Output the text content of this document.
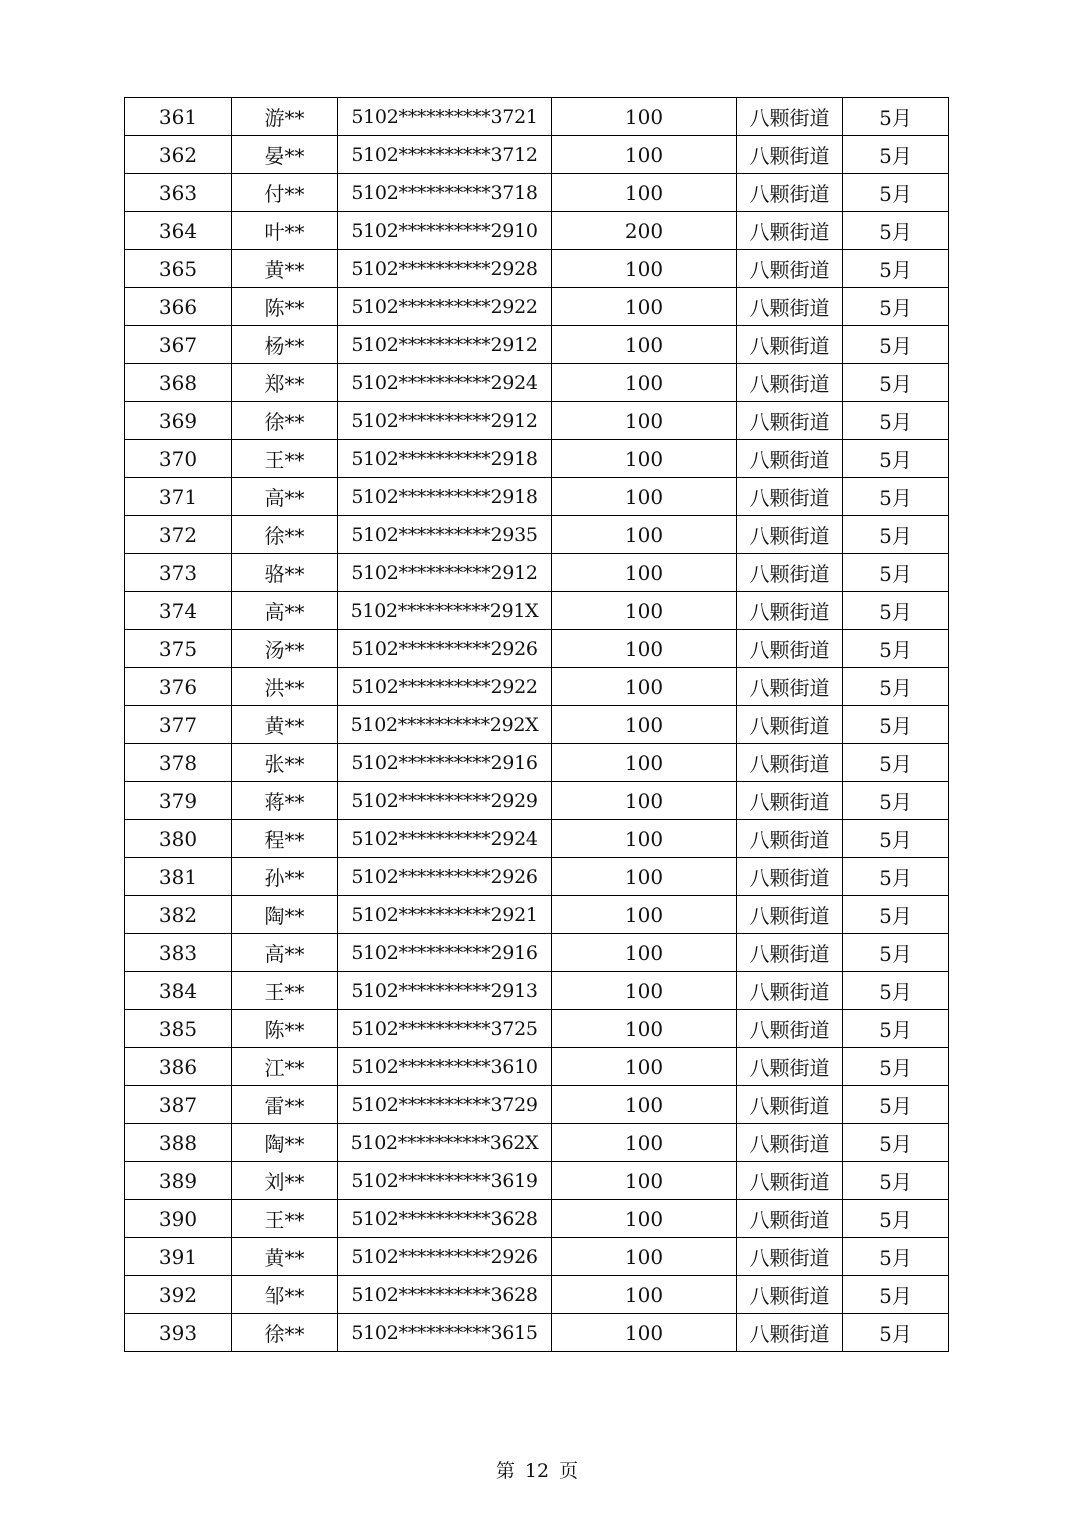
361	游**	5102**********3721	100	八颗街道	5月
362	晏**	5102**********3712	100	八颗街道	5月
363	付**	5102**********3718	100	八颗街道	5月
364	叶**	5102**********2910	200	八颗街道	5月
365	黄**	5102**********2928	100	八颗街道	5月
366	陈**	5102**********2922	100	八颗街道	5月
367	杨**	5102**********2912	100	八颗街道	5月
368	郑**	5102**********2924	100	八颗街道	5月
369	徐**	5102**********2912	100	八颗街道	5月
370	王**	5102**********2918	100	八颗街道	5月
371	高**	5102**********2918	100	八颗街道	5月
372	徐**	5102**********2935	100	八颗街道	5月
373	骆**	5102**********2912	100	八颗街道	5月
374	高**	5102**********291X	100	八颗街道	5月
375	汤**	5102**********2926	100	八颗街道	5月
376	洪**	5102**********2922	100	八颗街道	5月
377	黄**	5102**********292X	100	八颗街道	5月
378	张**	5102**********2916	100	八颗街道	5月
379	蒋**	5102**********2929	100	八颗街道	5月
380	程**	5102**********2924	100	八颗街道	5月
381	孙**	5102**********2926	100	八颗街道	5月
382	陶**	5102**********2921	100	八颗街道	5月
383	高**	5102**********2916	100	八颗街道	5月
384	王**	5102**********2913	100	八颗街道	5月
385	陈**	5102**********3725	100	八颗街道	5月
386	江**	5102**********3610	100	八颗街道	5月
387	雷**	5102**********3729	100	八颗街道	5月
388	陶**	5102**********362X	100	八颗街道	5月
389	刘**	5102**********3619	100	八颗街道	5月
390	王**	5102**********3628	100	八颗街道	5月
391	黄**	5102**********2926	100	八颗街道	5月
392	邹**	5102**********3628	100	八颗街道	5月
393	徐**	5102**********3615	100	八颗街道	5月
第 12 页
